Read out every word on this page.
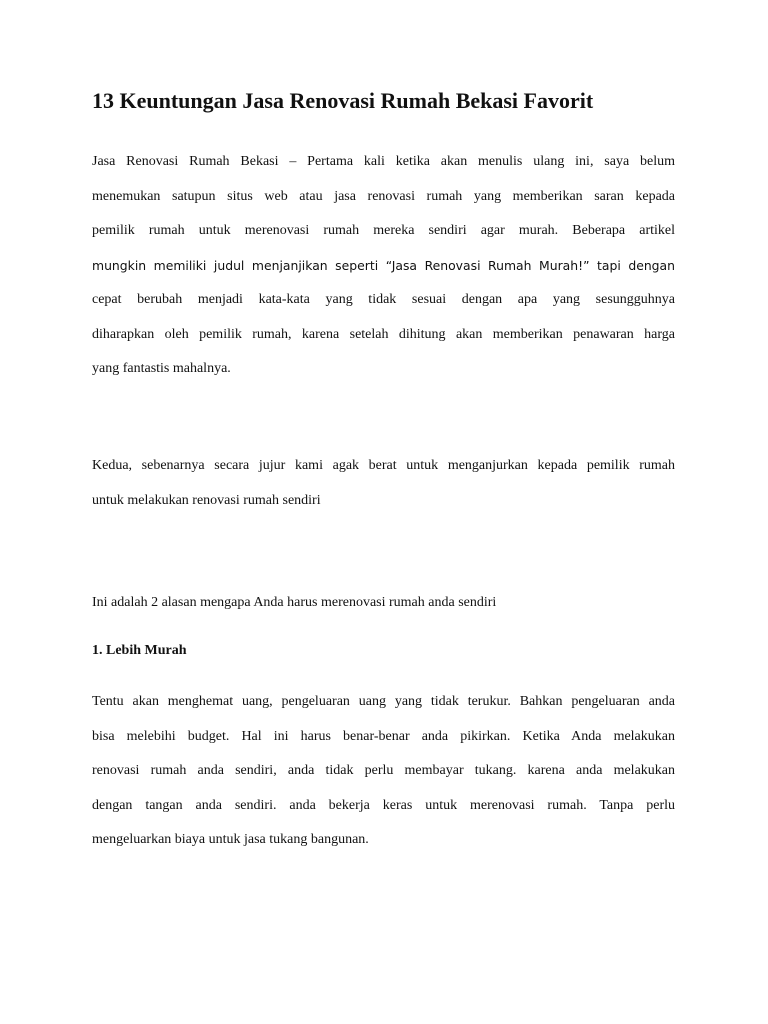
13 Keuntungan Jasa Renovasi Rumah Bekasi Favorit
Jasa Renovasi Rumah Bekasi – Pertama kali ketika akan menulis ulang ini, saya belum
menemukan satupun situs web atau jasa renovasi rumah yang memberikan saran kepada
pemilik rumah untuk merenovasi rumah mereka sendiri agar murah. Beberapa artikel
mungkin memiliki judul menjanjikan seperti “Jasa Renovasi Rumah Murah!” tapi dengan
cepat berubah menjadi kata-kata yang tidak sesuai dengan apa yang sesungguhnya
diharapkan oleh pemilik rumah, karena setelah dihitung akan memberikan penawaran harga
yang fantastis mahalnya.
Kedua, sebenarnya secara jujur kami agak berat untuk menganjurkan kepada pemilik rumah
untuk melakukan renovasi rumah sendiri
Ini adalah 2 alasan mengapa Anda harus merenovasi rumah anda sendiri

1. Lebih Murah

Tentu akan menghemat uang, pengeluaran uang yang tidak terukur. Bahkan pengeluaran anda
bisa melebihi budget. Hal ini harus benar-benar anda pikirkan. Ketika Anda melakukan
renovasi rumah anda sendiri, anda tidak perlu membayar tukang. karena anda melakukan
dengan tangan anda sendiri. anda bekerja keras untuk merenovasi rumah. Tanpa perlu
mengeluarkan biaya untuk jasa tukang bangunan.
